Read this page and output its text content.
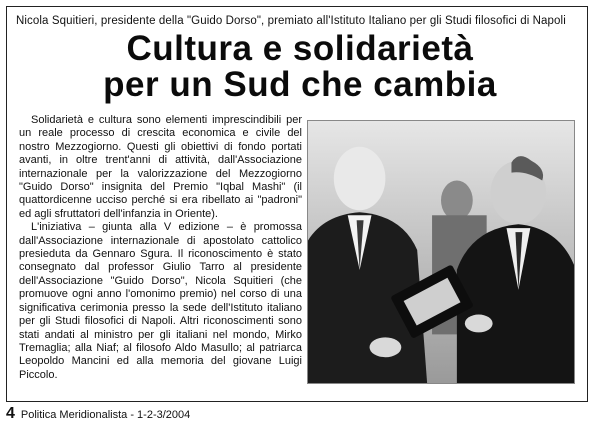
Nicola Squitieri, presidente della "Guido Dorso", premiato all'Istituto Italiano per gli Studi filosofici di Napoli
Cultura e solidarietà
per un Sud che cambia

Solidarietà e cultura sono elementi imprescindibili per un reale processo di crescita economica e civile del nostro Mezzogiorno. Questi gli obiettivi di fondo portati avanti, in oltre trent'anni di attività, dall'Associazione internazionale per la valorizzazione del Mezzogiorno "Guido Dorso" insignita del Premio "Iqbal Mashi" (il quattordicenne ucciso perché si era ribellato ai "padroni" ed agli sfruttatori dell'infanzia in Oriente).

L'iniziativa – giunta alla V edizione – è promossa dall'Associazione internazionale di apostolato cattolico presieduta da Gennaro Sgura. Il riconoscimento è stato consegnato dal professor Giulio Tarro al presidente dell'Associazione "Guido Dorso", Nicola Squitieri (che promuove ogni anno l'omonimo premio) nel corso di una significativa cerimonia presso la sede dell'Istituto italiano per gli Studi filosofici di Napoli. Altri riconoscimenti sono stati andati al ministro per gli italiani nel mondo, Mirko Tremaglia; alla Niaf; al filosofo Aldo Masullo; al patriarca Leopoldo Mancini ed alla memoria del giovane Luigi Piccolo.

4 Politica Meridionalista - 1-2-3/2004
